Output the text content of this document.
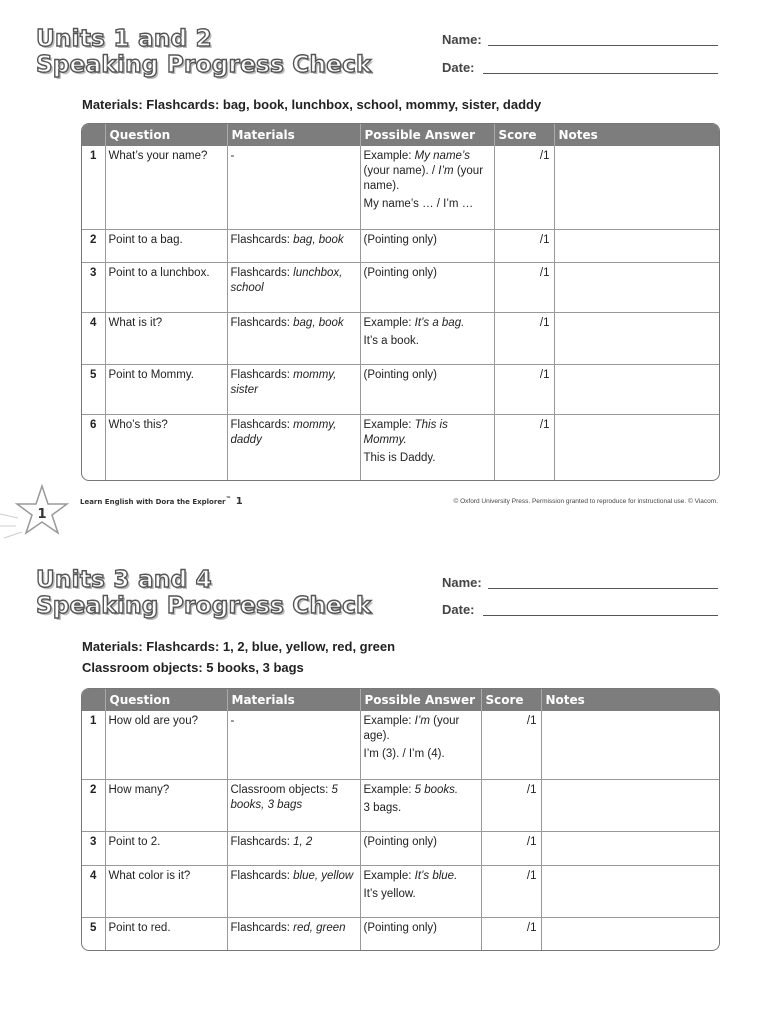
Units 1 and 2
Speaking Progress Check
Name:
Date:
Materials: Flashcards: bag, book, lunchbox, school, mommy, sister, daddy
	Question	Materials	Possible Answer	Score	Notes
1	What’s your name?	-	Example: My name’s (your name). / I’m (your name).
My name’s … / I’m …	/1	
2	Point to a bag.	Flashcards: bag, book	(Pointing only)	/1	
3	Point to a lunchbox.	Flashcards: lunchbox, school	(Pointing only)	/1	
4	What is it?	Flashcards: bag, book	Example: It’s a bag.
It’s a book.	/1	
5	Point to Mommy.	Flashcards: mommy, sister	(Pointing only)	/1	
6	Who’s this?	Flashcards: mommy, daddy	Example: This is Mommy.
This is Daddy.	/1	
1
Learn English with Dora the Explorer™ 1	© Oxford University Press. Permission granted to reproduce for instructional use. © Viacom.
Units 3 and 4
Speaking Progress Check
Name:
Date:
Materials: Flashcards: 1, 2, blue, yellow, red, green
Classroom objects: 5 books, 3 bags
	Question	Materials	Possible Answer	Score	Notes
1	How old are you?	-	Example: I’m (your age).
I’m (3). / I’m (4).	/1	
2	How many?	Classroom objects: 5 books, 3 bags	Example: 5 books.
3 bags.	/1	
3	Point to 2.	Flashcards: 1, 2	(Pointing only)	/1	
4	What color is it?	Flashcards: blue, yellow	Example: It’s blue.
It’s yellow.	/1	
5	Point to red.	Flashcards: red, green	(Pointing only)	/1	
